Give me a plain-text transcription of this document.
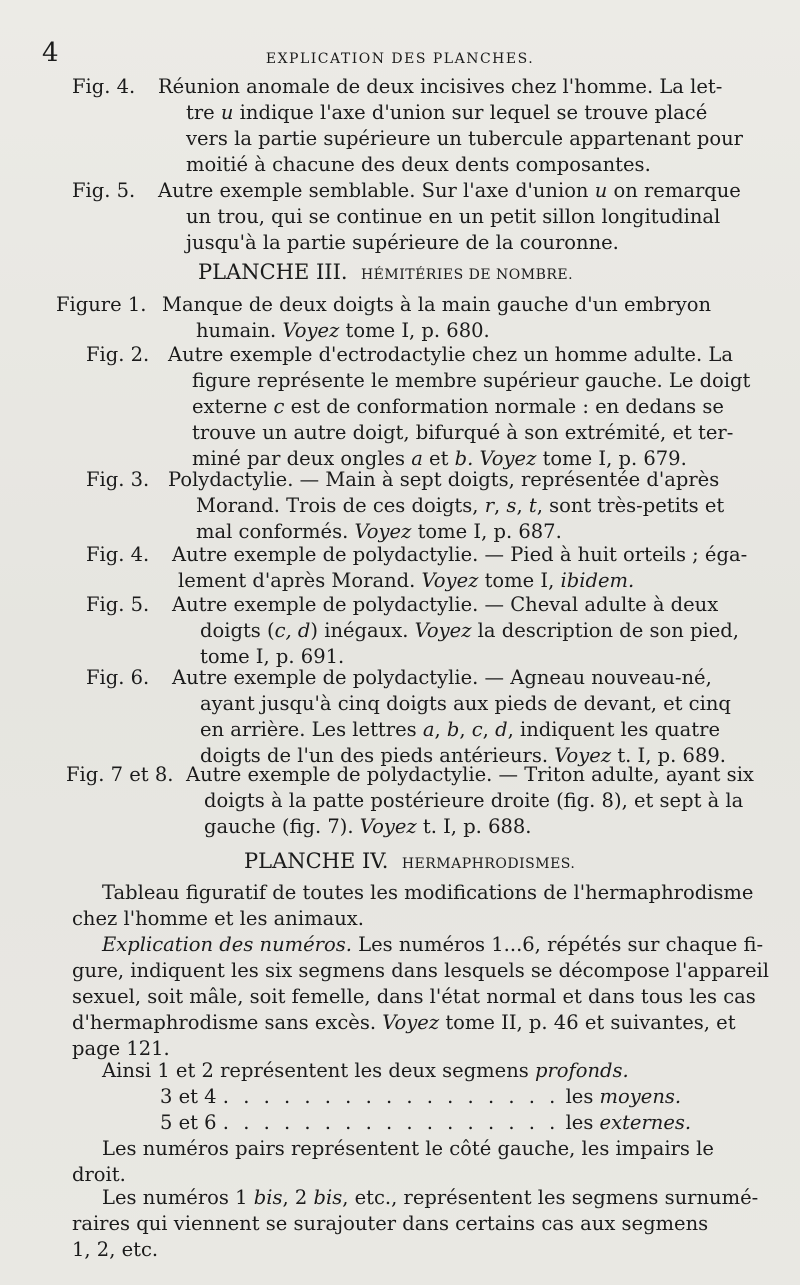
4	EXPLICATION DES PLANCHES.
Fig. 4. Réunion anomale de deux incisives chez l'homme. La let-
tre u indique l'axe d'union sur lequel se trouve placé
vers la partie supérieure un tubercule appartenant pour
moitié à chacune des deux dents composantes.
Fig. 5. Autre exemple semblable. Sur l'axe d'union u on remarque
un trou, qui se continue en un petit sillon longitudinal
jusqu'à la partie supérieure de la couronne.
PLANCHE III. HÉMITÉRIES DE NOMBRE.
Figure 1. Manque de deux doigts à la main gauche d'un embryon
humain. Voyez tome I, p. 680.
Fig. 2. Autre exemple d'ectrodactylie chez un homme adulte. La
figure représente le membre supérieur gauche. Le doigt
externe c est de conformation normale : en dedans se
trouve un autre doigt, bifurqué à son extrémité, et ter-
miné par deux ongles a et b. Voyez tome I, p. 679.
Fig. 3. Polydactylie. — Main à sept doigts, représentée d'après
Morand. Trois de ces doigts, r, s, t, sont très-petits et
mal conformés. Voyez tome I, p. 687.
Fig. 4. Autre exemple de polydactylie. — Pied à huit orteils ; éga-
lement d'après Morand. Voyez tome I, ibidem.
Fig. 5. Autre exemple de polydactylie. — Cheval adulte à deux
doigts (c, d) inégaux. Voyez la description de son pied,
tome I, p. 691.
Fig. 6. Autre exemple de polydactylie. — Agneau nouveau-né,
ayant jusqu'à cinq doigts aux pieds de devant, et cinq
en arrière. Les lettres a, b, c, d, indiquent les quatre
doigts de l'un des pieds antérieurs. Voyez t. I, p. 689.
Fig. 7 et 8. Autre exemple de polydactylie. — Triton adulte, ayant six
doigts à la patte postérieure droite (fig. 8), et sept à la
gauche (fig. 7). Voyez t. I, p. 688.
PLANCHE IV. HERMAPHRODISMES.
Tableau figuratif de toutes les modifications de l'hermaphrodisme
chez l'homme et les animaux.
Explication des numéros. Les numéros 1...6, répétés sur chaque fi-
gure, indiquent les six segmens dans lesquels se décompose l'appareil
sexuel, soit mâle, soit femelle, dans l'état normal et dans tous les cas
d'hermaphrodisme sans excès. Voyez tome II, p. 46 et suivantes, et
page 121.
Ainsi 1 et 2 représentent les deux segmens profonds.
3 et 4 . . . . . . . . . . . . . . . . . les moyens.
5 et 6 . . . . . . . . . . . . . . . . . les externes.
Les numéros pairs représentent le côté gauche, les impairs le
droit.
Les numéros 1 bis, 2 bis, etc., représentent les segmens surnumé-
raires qui viennent se surajouter dans certains cas aux segmens
1, 2, etc.
